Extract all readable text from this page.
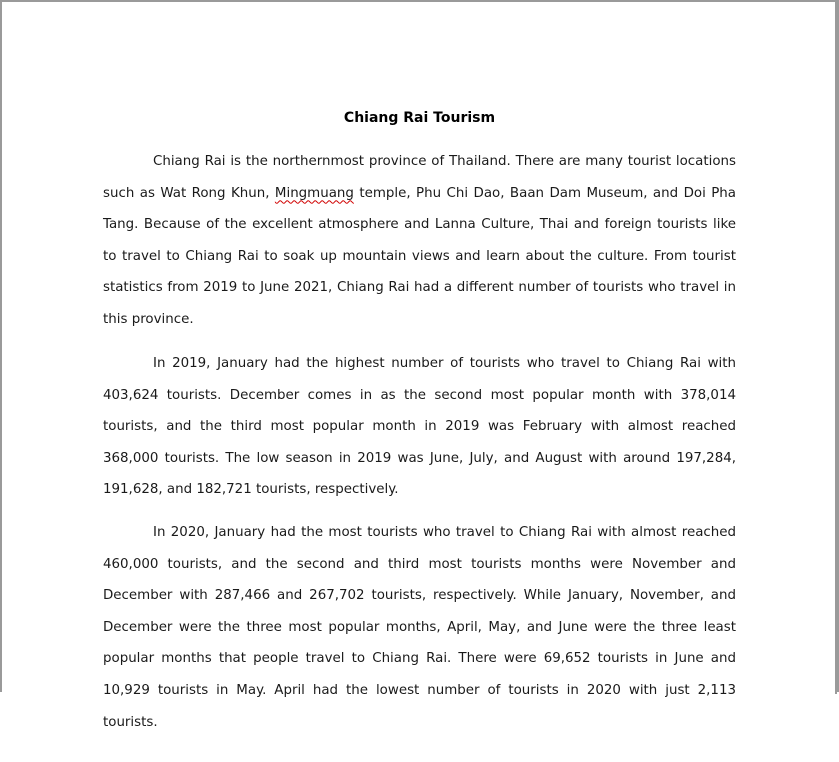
Chiang Rai Tourism

Chiang Rai is the northernmost province of Thailand. There are many tourist locations such as Wat Rong Khun, Mingmuang temple, Phu Chi Dao, Baan Dam Museum, and Doi Pha Tang. Because of the excellent atmosphere and Lanna Culture, Thai and foreign tourists like to travel to Chiang Rai to soak up mountain views and learn about the culture. From tourist statistics from 2019 to June 2021, Chiang Rai had a different number of tourists who travel in this province.

In 2019, January had the highest number of tourists who travel to Chiang Rai with 403,624 tourists. December comes in as the second most popular month with 378,014 tourists, and the third most popular month in 2019 was February with almost reached 368,000 tourists. The low season in 2019 was June, July, and August with around 197,284, 191,628, and 182,721 tourists, respectively.

In 2020, January had the most tourists who travel to Chiang Rai with almost reached 460,000 tourists, and the second and third most tourists months were November and December with 287,466 and 267,702 tourists, respectively. While January, November, and December were the three most popular months, April, May, and June were the three least popular months that people travel to Chiang Rai. There were 69,652 tourists in June and 10,929 tourists in May. April had the lowest number of tourists in 2020 with just 2,113 tourists.
